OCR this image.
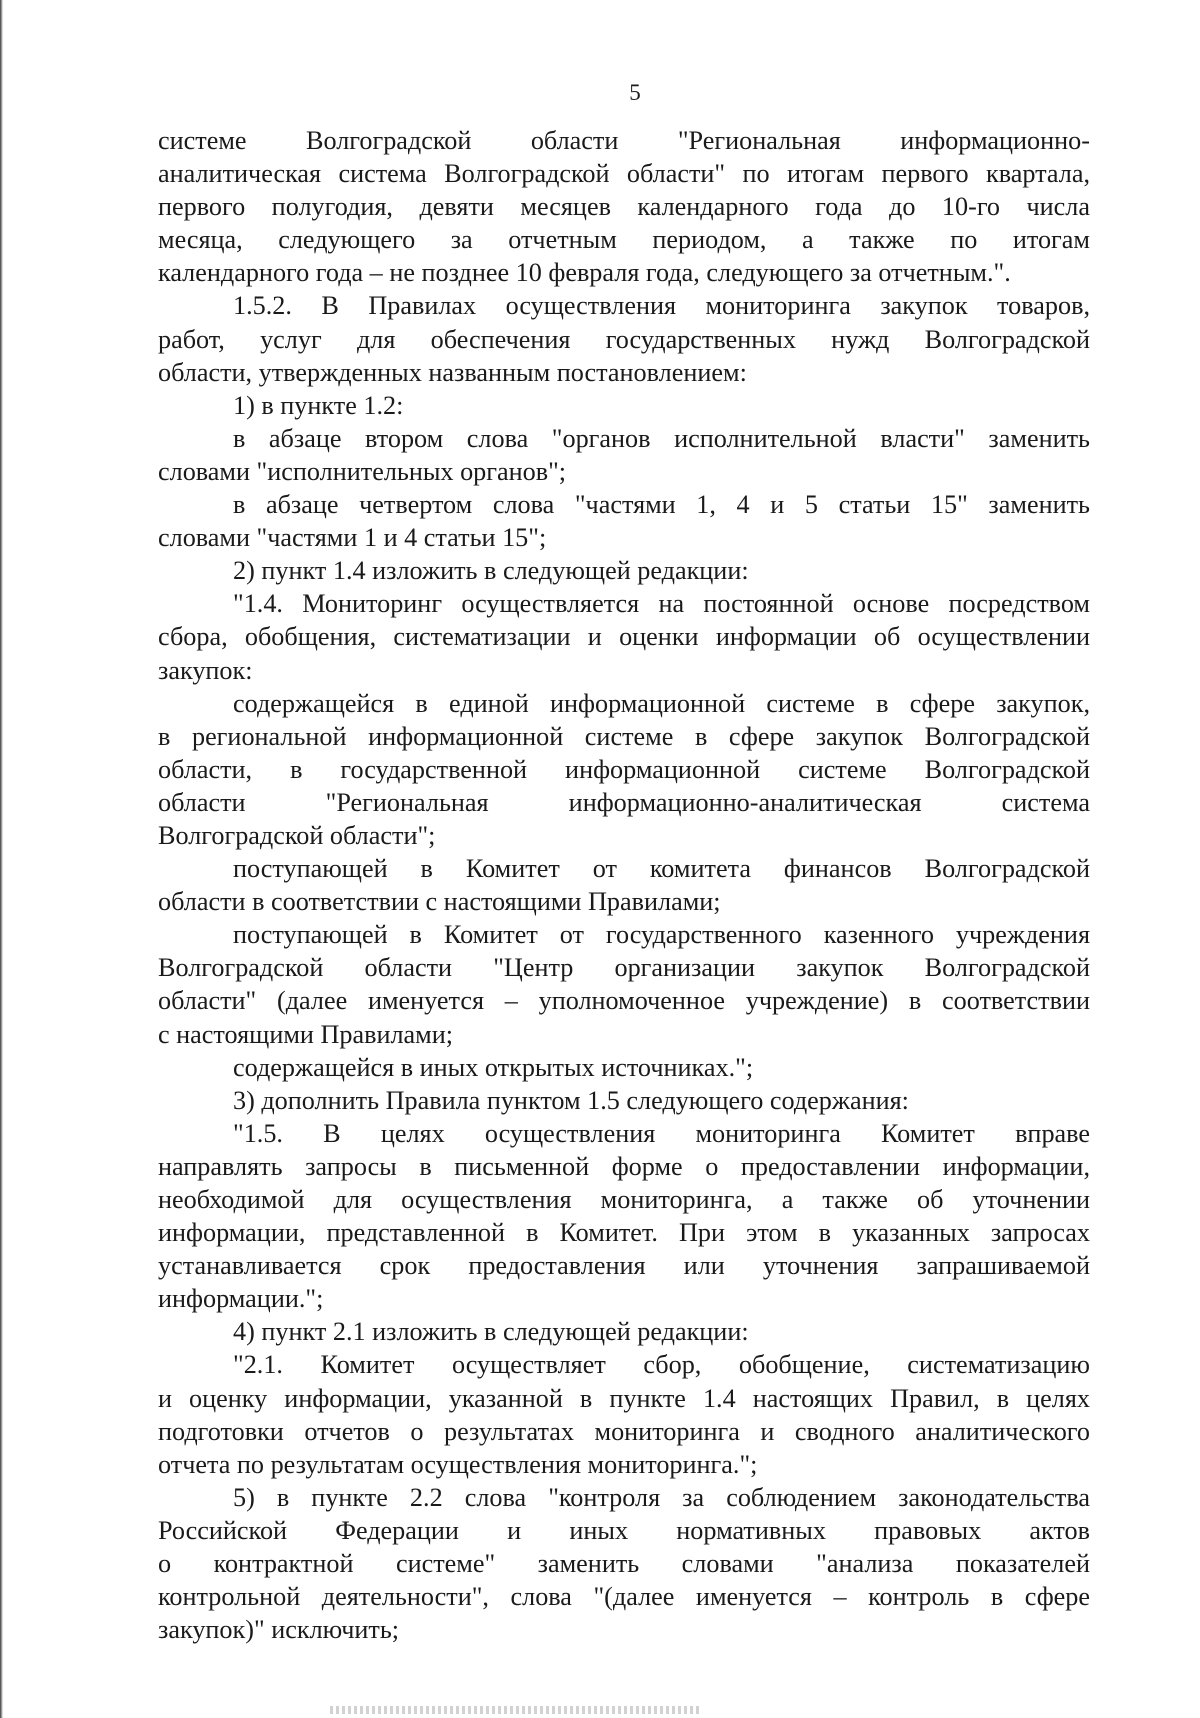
5
системе Волгоградской области "Региональная информационно-
аналитическая система Волгоградской области" по итогам первого квартала,
первого полугодия, девяти месяцев календарного года до 10-го числа
месяца, следующего за отчетным периодом, а также по итогам
календарного года – не позднее 10 февраля года, следующего за отчетным.".
1.5.2. В Правилах осуществления мониторинга закупок товаров,
работ, услуг для обеспечения государственных нужд Волгоградской
области, утвержденных названным постановлением:
1) в пункте 1.2:
в абзаце втором слова "органов исполнительной власти" заменить
словами "исполнительных органов";
в абзаце четвертом слова "частями 1, 4 и 5 статьи 15" заменить
словами "частями 1 и 4 статьи 15";
2) пункт 1.4 изложить в следующей редакции:
"1.4. Мониторинг осуществляется на постоянной основе посредством
сбора, обобщения, систематизации и оценки информации об осуществлении
закупок:
содержащейся в единой информационной системе в сфере закупок,
в региональной информационной системе в сфере закупок Волгоградской
области, в государственной информационной системе Волгоградской
области "Региональная информационно-аналитическая система
Волгоградской области";
поступающей в Комитет от комитета финансов Волгоградской
области в соответствии с настоящими Правилами;
поступающей в Комитет от государственного казенного учреждения
Волгоградской области "Центр организации закупок Волгоградской
области" (далее именуется – уполномоченное учреждение) в соответствии
с настоящими Правилами;
содержащейся в иных открытых источниках.";
3) дополнить Правила пунктом 1.5 следующего содержания:
"1.5. В целях осуществления мониторинга Комитет вправе
направлять запросы в письменной форме о предоставлении информации,
необходимой для осуществления мониторинга, а также об уточнении
информации, представленной в Комитет. При этом в указанных запросах
устанавливается срок предоставления или уточнения запрашиваемой
информации.";
4) пункт 2.1 изложить в следующей редакции:
"2.1. Комитет осуществляет сбор, обобщение, систематизацию
и оценку информации, указанной в пункте 1.4 настоящих Правил, в целях
подготовки отчетов о результатах мониторинга и сводного аналитического
отчета по результатам осуществления мониторинга.";
5) в пункте 2.2 слова "контроля за соблюдением законодательства
Российской Федерации и иных нормативных правовых актов
о контрактной системе" заменить словами "анализа показателей
контрольной деятельности", слова "(далее именуется – контроль в сфере
закупок)" исключить;
